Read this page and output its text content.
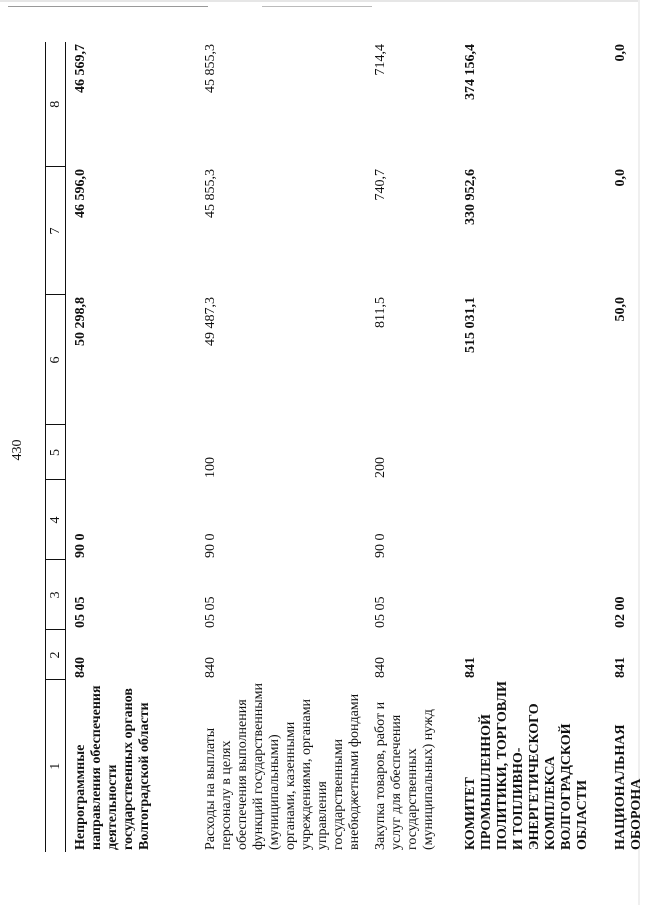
430
1	2	3	4	5	6	7	8
Непрограммные направления обеспечения деятельности государственных органов Волгоградской области	840	05 05	90 0		50 298,8	46 596,0	46 569,7
Расходы на выплаты персоналу в целях обеспечения выполнения функций государственными (муниципальными) органами, казенными учреждениями, органами управления государственными внебюджетными фондами	840	05 05	90 0	100	49 487,3	45 855,3	45 855,3
Закупка товаров, работ и услуг для обеспечения государственных (муниципальных) нужд	840	05 05	90 0	200	811,5	740,7	714,4
КОМИТЕТ ПРОМЫШЛЕННОЙ ПОЛИТИКИ, ТОРГОВЛИ И ТОПЛИВНО-ЭНЕРГЕТИЧЕСКОГО КОМПЛЕКСА ВОЛГОГРАДСКОЙ ОБЛАСТИ	841				515 031,1	330 952,6	374 156,4
НАЦИОНАЛЬНАЯ ОБОРОНА	841	02 00			50,0	0,0	0,0
